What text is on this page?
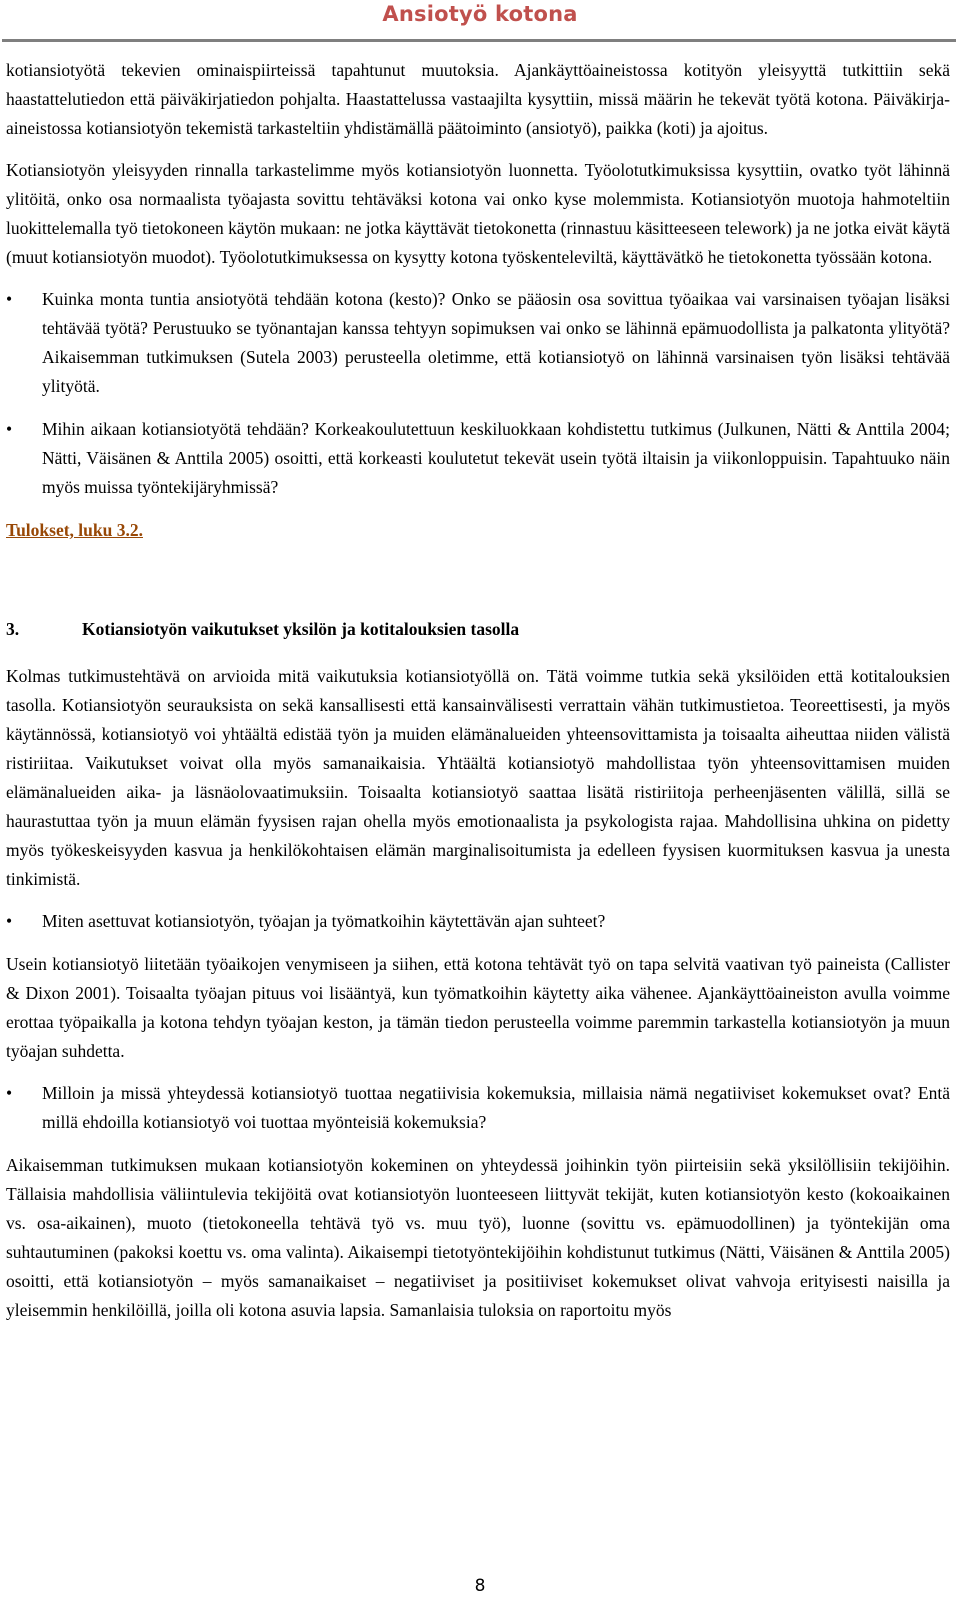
Ansiotyö kotona

kotiansiotyötä tekevien ominaispiirteissä tapahtunut muutoksia. Ajankäyttöaineistossa kotityön yleisyyttä tutkittiin sekä haastattelutiedon että päiväkirjatiedon pohjalta. Haastattelussa vastaajilta kysyttiin, missä määrin he tekevät työtä kotona. Päiväkirja-aineistossa kotiansiotyön tekemistä tarkasteltiin yhdistämällä päätoiminto (ansiotyö), paikka (koti) ja ajoitus.

Kotiansiotyön yleisyyden rinnalla tarkastelimme myös kotiansiotyön luonnetta. Työolotutkimuksissa kysyttiin, ovatko työt lähinnä ylitöitä, onko osa normaalista työajasta sovittu tehtäväksi kotona vai onko kyse molemmista. Kotiansiotyön muotoja hahmoteltiin luokittelemalla työ tietokoneen käytön mukaan: ne jotka käyttävät tietokonetta (rinnastuu käsitteeseen telework) ja ne jotka eivät käytä (muut kotiansiotyön muodot). Työolotutkimuksessa on kysytty kotona työskenteleviltä, käyttävätkö he tietokonetta työssään kotona.

•	Kuinka monta tuntia ansiotyötä tehdään kotona (kesto)? Onko se pääosin osa sovittua työaikaa vai varsinaisen työajan lisäksi tehtävää työtä? Perustuuko se työnantajan kanssa tehtyyn sopimuksen vai onko se lähinnä epämuodollista ja palkatonta ylityötä? Aikaisemman tutkimuksen (Sutela 2003) perusteella oletimme, että kotiansiotyö on lähinnä varsinaisen työn lisäksi tehtävää ylityötä.
•	Mihin aikaan kotiansiotyötä tehdään? Korkeakoulutettuun keskiluokkaan kohdistettu tutkimus (Julkunen, Nätti & Anttila 2004; Nätti, Väisänen & Anttila 2005) osoitti, että korkeasti koulutetut tekevät usein työtä iltaisin ja viikonloppuisin. Tapahtuuko näin myös muissa työntekijäryhmissä?
Tulokset, luku 3.2.
3.	Kotiansiotyön vaikutukset yksilön ja kotitalouksien tasolla

Kolmas tutkimustehtävä on arvioida mitä vaikutuksia kotiansiotyöllä on. Tätä voimme tutkia sekä yksilöiden että kotitalouksien tasolla. Kotiansiotyön seurauksista on sekä kansallisesti että kansainvälisesti verrattain vähän tutkimustietoa. Teoreettisesti, ja myös käytännössä, kotiansiotyö voi yhtäältä edistää työn ja muiden elämänalueiden yhteensovittamista ja toisaalta aiheuttaa niiden välistä ristiriitaa. Vaikutukset voivat olla myös samanaikaisia. Yhtäältä kotiansiotyö mahdollistaa työn yhteensovittamisen muiden elämänalueiden aika- ja läsnäolovaatimuksiin. Toisaalta kotiansiotyö saattaa lisätä ristiriitoja perheenjäsenten välillä, sillä se haurastuttaa työn ja muun elämän fyysisen rajan ohella myös emotionaalista ja psykologista rajaa. Mahdollisina uhkina on pidetty myös työkeskeisyyden kasvua ja henkilökohtaisen elämän marginalisoitumista ja edelleen fyysisen kuormituksen kasvua ja unesta tinkimistä.

•	Miten asettuvat kotiansiotyön, työajan ja työmatkoihin käytettävän ajan suhteet?

Usein kotiansiotyö liitetään työaikojen venymiseen ja siihen, että kotona tehtävät työ on tapa selvitä vaativan työ paineista (Callister & Dixon 2001). Toisaalta työajan pituus voi lisääntyä, kun työmatkoihin käytetty aika vähenee. Ajankäyttöaineiston avulla voimme erottaa työpaikalla ja kotona tehdyn työajan keston, ja tämän tiedon perusteella voimme paremmin tarkastella kotiansiotyön ja muun työajan suhdetta.

•	Milloin ja missä yhteydessä kotiansiotyö tuottaa negatiivisia kokemuksia, millaisia nämä negatiiviset kokemukset ovat? Entä millä ehdoilla kotiansiotyö voi tuottaa myönteisiä kokemuksia?

Aikaisemman tutkimuksen mukaan kotiansiotyön kokeminen on yhteydessä joihinkin työn piirteisiin sekä yksilöllisiin tekijöihin. Tällaisia mahdollisia väliintulevia tekijöitä ovat kotiansiotyön luonteeseen liittyvät tekijät, kuten kotiansiotyön kesto (kokoaikainen vs. osa-aikainen), muoto (tietokoneella tehtävä työ vs. muu työ), luonne (sovittu vs. epämuodollinen) ja työntekijän oma suhtautuminen (pakoksi koettu vs. oma valinta). Aikaisempi tietotyöntekijöihin kohdistunut tutkimus (Nätti, Väisänen & Anttila 2005) osoitti, että kotiansiotyön – myös samanaikaiset – negatiiviset ja positiiviset kokemukset olivat vahvoja erityisesti naisilla ja yleisemmin henkilöillä, joilla oli kotona asuvia lapsia. Samanlaisia tuloksia on raportoitu myös

8
